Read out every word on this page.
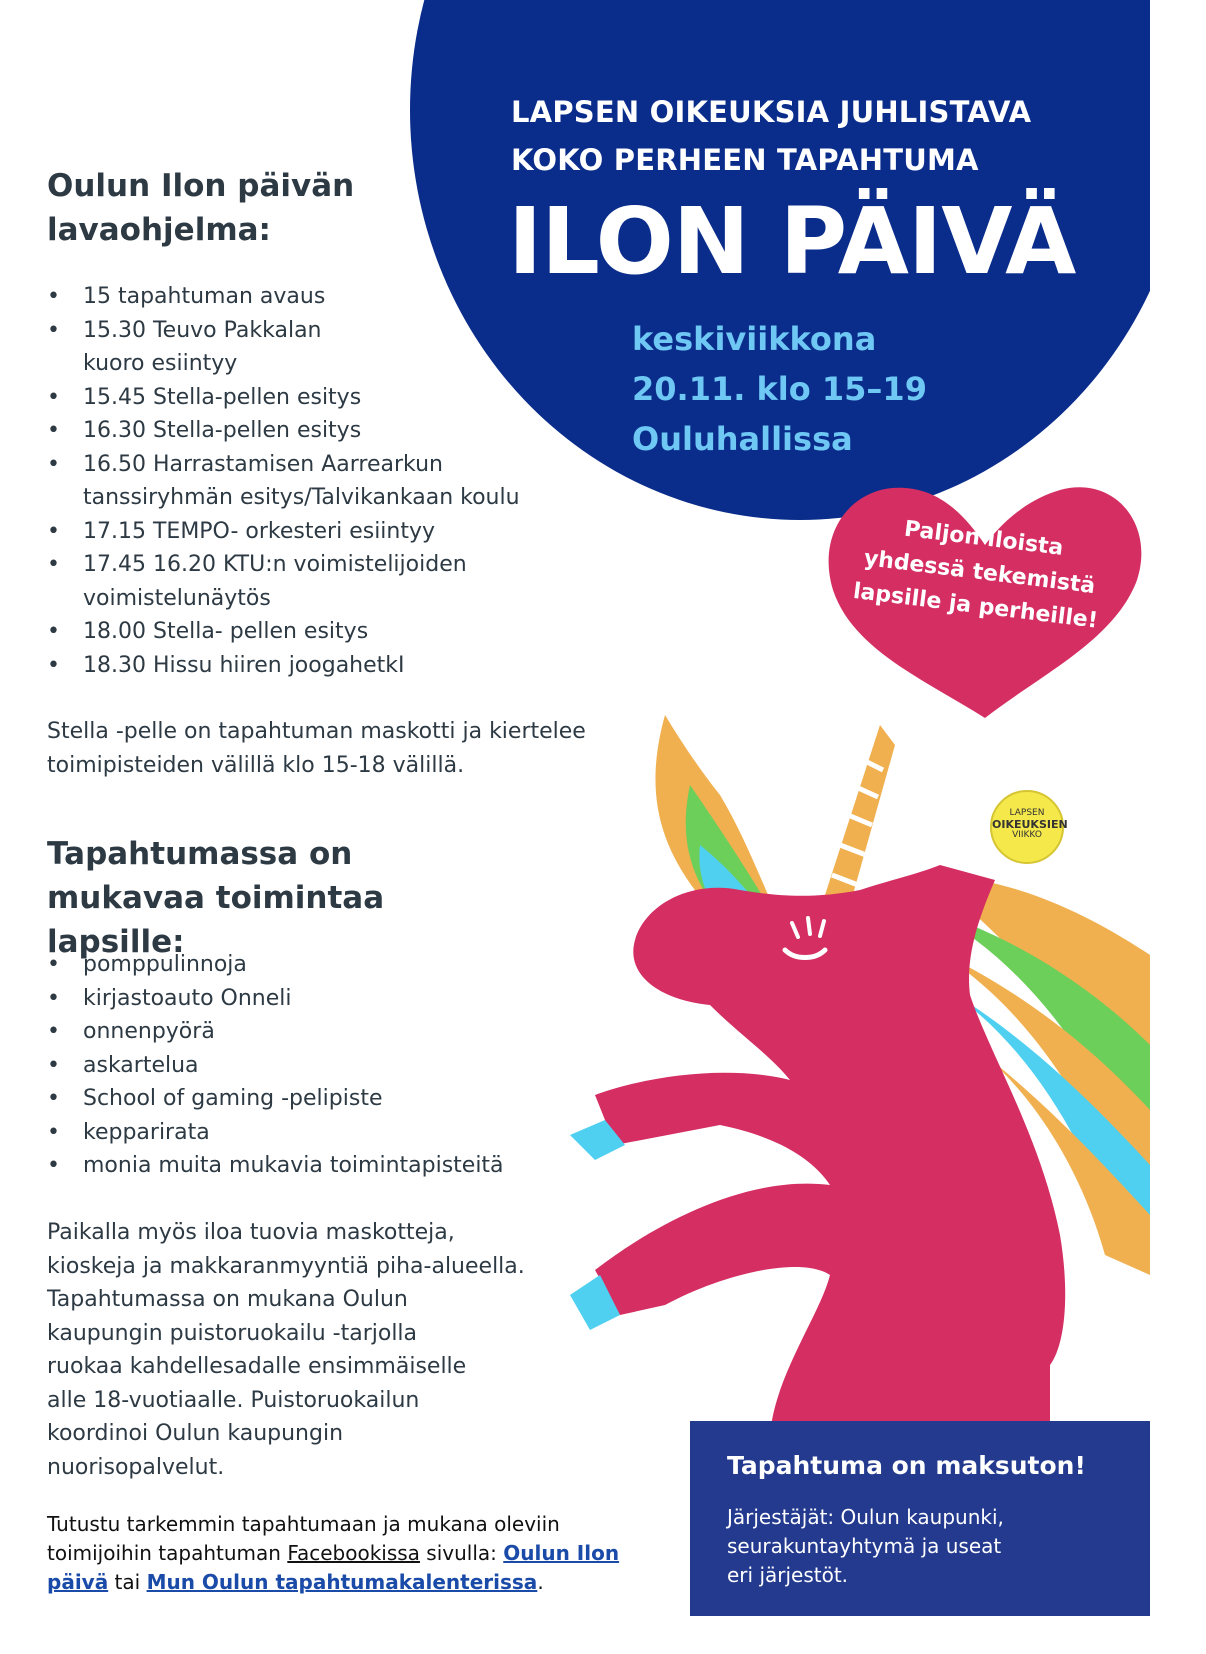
LAPSEN OIKEUKSIA JUHLISTAVA
KOKO PERHEEN TAPAHTUMA
ILON PÄIVÄ
keskiviikkona
20.11. klo 15–19
Ouluhallissa
Paljon iloista yhdessä tekemistä lapsille ja perheille!
LAPSEN
OIKEUKSIEN
VIIKKO
Oulun Ilon päivän lavaohjelma:
• 15 tapahtuman avaus
• 15.30 Teuvo Pakkalan
kuoro esiintyy
• 15.45 Stella-pellen esitys
• 16.30 Stella-pellen esitys
• 16.50 Harrastamisen Aarrearkun
tanssiryhmän esitys/Talvikankaan koulu
• 17.15 TEMPO- orkesteri esiintyy
• 17.45 16.20 KTU:n voimistelijoiden
voimistelunäytös
• 18.00 Stella- pellen esitys
• 18.30 Hissu hiiren joogahetkI
Stella -pelle on tapahtuman maskotti ja kiertelee
toimipisteiden välillä klo 15-18 välillä.
Tapahtumassa on mukavaa toimintaa lapsille:
• pomppulinnoja
• kirjastoauto Onneli
• onnenpyörä
• askartelua
• School of gaming -pelipiste
• kepparirata
• monia muita mukavia toimintapisteitä
Paikalla myös iloa tuovia maskotteja,
kioskeja ja makkaranmyyntiä piha-alueella.
Tapahtumassa on mukana Oulun
kaupungin puistoruokailu -tarjolla
ruokaa kahdellesadalle ensimmäiselle
alle 18-vuotiaalle. Puistoruokailun
koordinoi Oulun kaupungin
nuorisopalvelut.
Tutustu tarkemmin tapahtumaan ja mukana oleviin toimijoihin tapahtuman Facebookissa sivulla: Oulun Ilon päivä tai Mun Oulun tapahtumakalenterissa.
Tapahtuma on maksuton!
Järjestäjät: Oulun kaupunki,
seurakuntayhtymä ja useat
eri järjestöt.
